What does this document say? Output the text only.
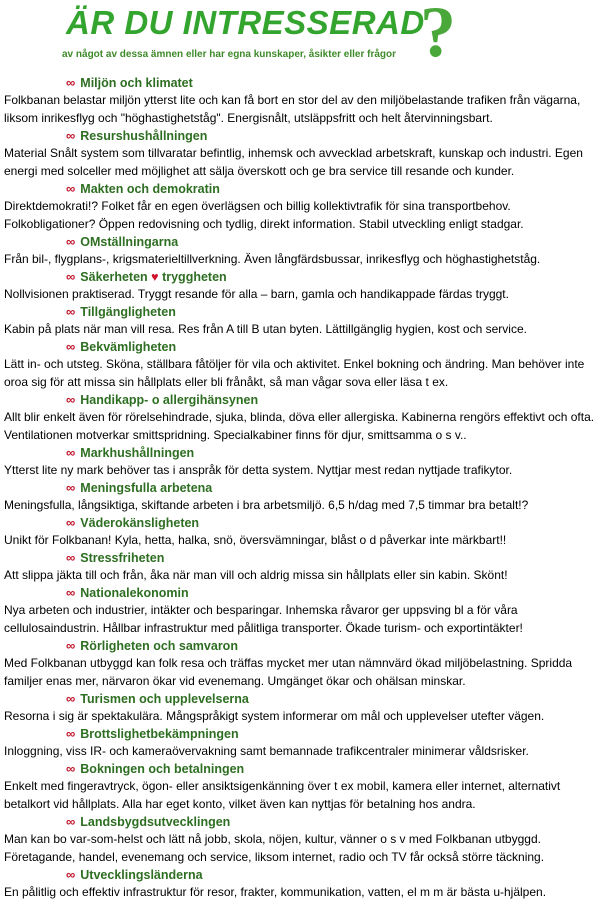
ÄR DU INTRESSERAD
?
av något av dessa ämnen eller har egna kunskaper, åsikter eller frågor
∞ Miljön och klimatet

Folkbanan belastar miljön ytterst lite och kan få bort en stor del av den miljöbelastande trafiken från vägarna, liksom inrikesflyg och "höghastighetståg". Energisnålt, utsläppsfritt och helt återvinningsbart.

∞ Resurshushållningen

Material Snålt system som tillvaratar befintlig, inhemsk och avvecklad arbetskraft, kunskap och industri. Egen energi med solceller med möjlighet att sälja överskott och ge bra service till resande och kunder.

∞ Makten och demokratin

Direktdemokrati!? Folket får en egen överlägsen och billig kollektivtrafik för sina transportbehov. Folkobligationer? Öppen redovisning och tydlig, direkt information. Stabil utveckling enligt stadgar.

∞ OMställningarna

Från bil-, flygplans-, krigsmaterieltillverkning. Även långfärdsbussar, inrikesflyg och höghastighetståg.

∞ Säkerheten ♥ tryggheten

Nollvisionen praktiserad. Tryggt resande för alla – barn, gamla och handikappade färdas tryggt.

∞ Tillgängligheten

Kabin på plats när man vill resa. Res från A till B utan byten. Lättillgänglig hygien, kost och service.

∞ Bekvämligheten

Lätt in- och utsteg. Sköna, ställbara fåtöljer för vila och aktivitet. Enkel bokning och ändring. Man behöver inte oroa sig för att missa sin hållplats eller bli frånåkt, så man vågar sova eller läsa t ex.

∞ Handikapp- o allergihänsynen

Allt blir enkelt även för rörelsehindrade, sjuka, blinda, döva eller allergiska. Kabinerna rengörs effektivt och ofta. Ventilationen motverkar smittspridning. Specialkabiner finns för djur, smittsamma o s v..

∞ Markhushållningen

Ytterst lite ny mark behöver tas i anspråk för detta system. Nyttjar mest redan nyttjade trafikytor.

∞ Meningsfulla arbetena

Meningsfulla, långsiktiga, skiftande arbeten i bra arbetsmiljö. 6,5 h/dag med 7,5 timmar bra betalt!?

∞ Väderokänsligheten

Unikt för Folkbanan! Kyla, hetta, halka, snö, översvämningar, blåst o d påverkar inte märkbart!!

∞ Stressfriheten

Att slippa jäkta till och från, åka när man vill och aldrig missa sin hållplats eller sin kabin. Skönt!

∞ Nationalekonomin

Nya arbeten och industrier, intäkter och besparingar. Inhemska råvaror ger uppsving bl a för våra cellulosaindustrin. Hållbar infrastruktur med pålitliga transporter. Ökade turism- och exportintäkter!

∞ Rörligheten och samvaron

Med Folkbanan utbyggd kan folk resa och träffas mycket mer utan nämnvärd ökad miljöbelastning. Spridda familjer enas mer, närvaron ökar vid evenemang. Umgänget ökar och ohälsan minskar.

∞ Turismen och upplevelserna

Resorna i sig är spektakulära. Mångspråkigt system informerar om mål och upplevelser utefter vägen.

∞ Brottslighetbekämpningen

Inloggning, viss IR- och kameraövervakning samt bemannade trafikcentraler minimerar våldsrisker.

∞ Bokningen och betalningen

Enkelt med fingeravtryck, ögon- eller ansiktsigenkänning över t ex mobil, kamera eller internet, alternativt betalkort vid hållplats. Alla har eget konto, vilket även kan nyttjas för betalning hos andra.

∞ Landsbygdsutvecklingen

Man kan bo var-som-helst och lätt nå jobb, skola, nöjen, kultur, vänner o s v med Folkbanan utbyggd. Företagande, handel, evenemang och service, liksom internet, radio och TV får också större täckning.

∞ Utvecklingsländerna

En pålitlig och effektiv infrastruktur för resor, frakter, kommunikation, vatten, el m m är bästa u-hjälpen.
